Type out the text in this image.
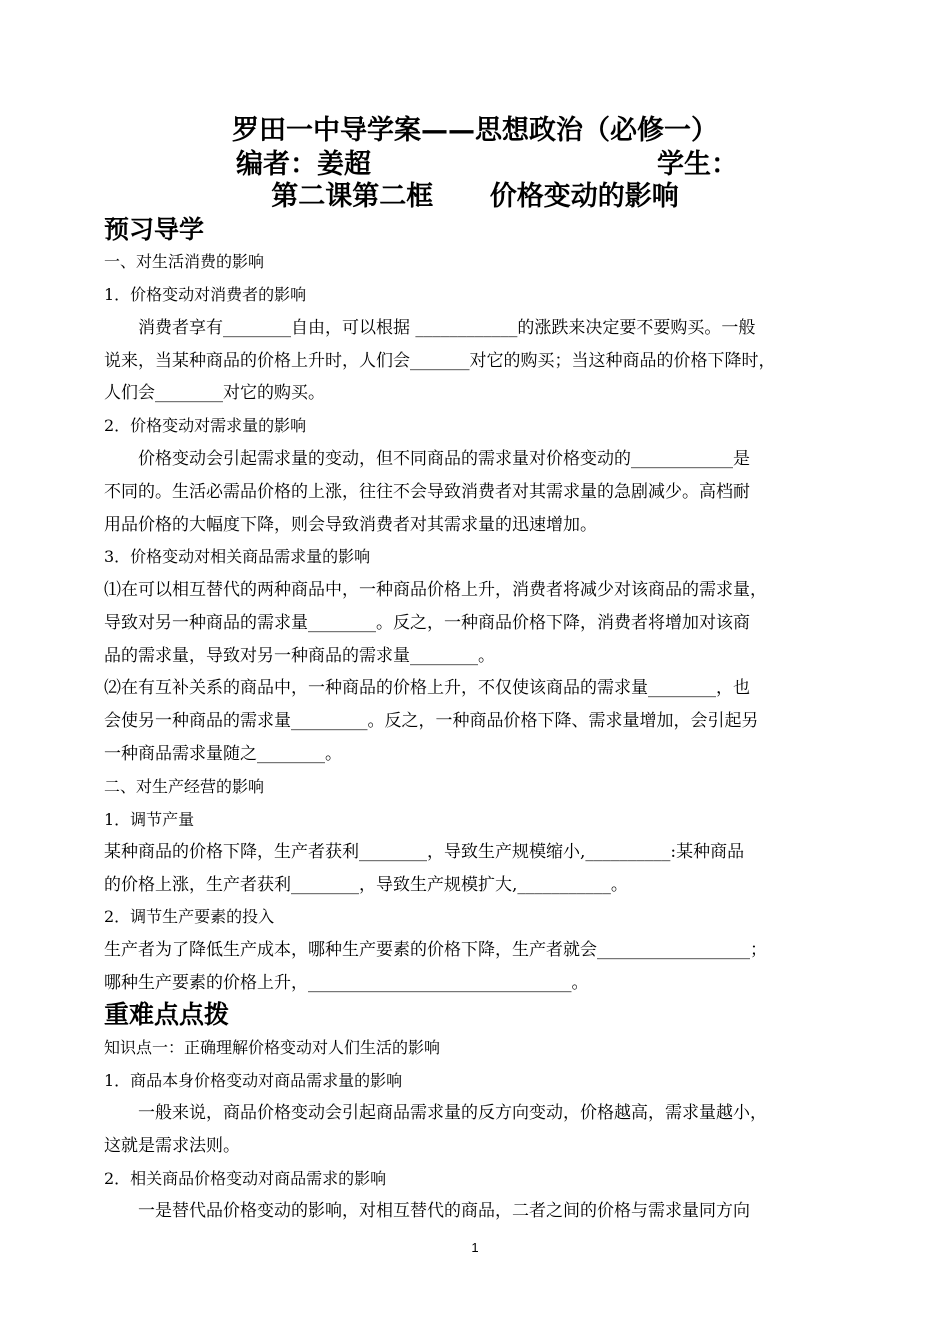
罗田一中导学案——思想政治（必修一）
编者：姜超	学生：
第二课第二框      价格变动的影响
预习导学
一、对生活消费的影响
1．价格变动对消费者的影响
　　消费者享有________自由，可以根据 ____________的涨跌来决定要不要购买。一般
说来，当某种商品的价格上升时，人们会_______对它的购买；当这种商品的价格下降时，
人们会________对它的购买。
2．价格变动对需求量的影响
　　价格变动会引起需求量的变动，但不同商品的需求量对价格变动的____________是
不同的。生活必需品价格的上涨，往往不会导致消费者对其需求量的急剧减少。高档耐
用品价格的大幅度下降，则会导致消费者对其需求量的迅速增加。
3．价格变动对相关商品需求量的影响
⑴在可以相互替代的两种商品中，一种商品价格上升，消费者将减少对该商品的需求量，
导致对另一种商品的需求量________。反之，一种商品价格下降，消费者将增加对该商
品的需求量，导致对另一种商品的需求量________。
⑵在有互补关系的商品中，一种商品的价格上升，不仅使该商品的需求量________，也
会使另一种商品的需求量_________。反之，一种商品价格下降、需求量增加，会引起另
一种商品需求量随之________。
二、对生产经营的影响
1．调节产量
某种商品的价格下降，生产者获利________，导致生产规模缩小,__________:某种商品
的价格上涨，生产者获利________，导致生产规模扩大,___________。
2．调节生产要素的投入
生产者为了降低生产成本，哪种生产要素的价格下降，生产者就会__________________；
哪种生产要素的价格上升，_______________________________。
重难点点拨
知识点一：正确理解价格变动对人们生活的影响
1．商品本身价格变动对商品需求量的影响
　　一般来说，商品价格变动会引起商品需求量的反方向变动，价格越高，需求量越小，
这就是需求法则。
2．相关商品价格变动对商品需求的影响
　　一是替代品价格变动的影响，对相互替代的商品，二者之间的价格与需求量同方向
1
